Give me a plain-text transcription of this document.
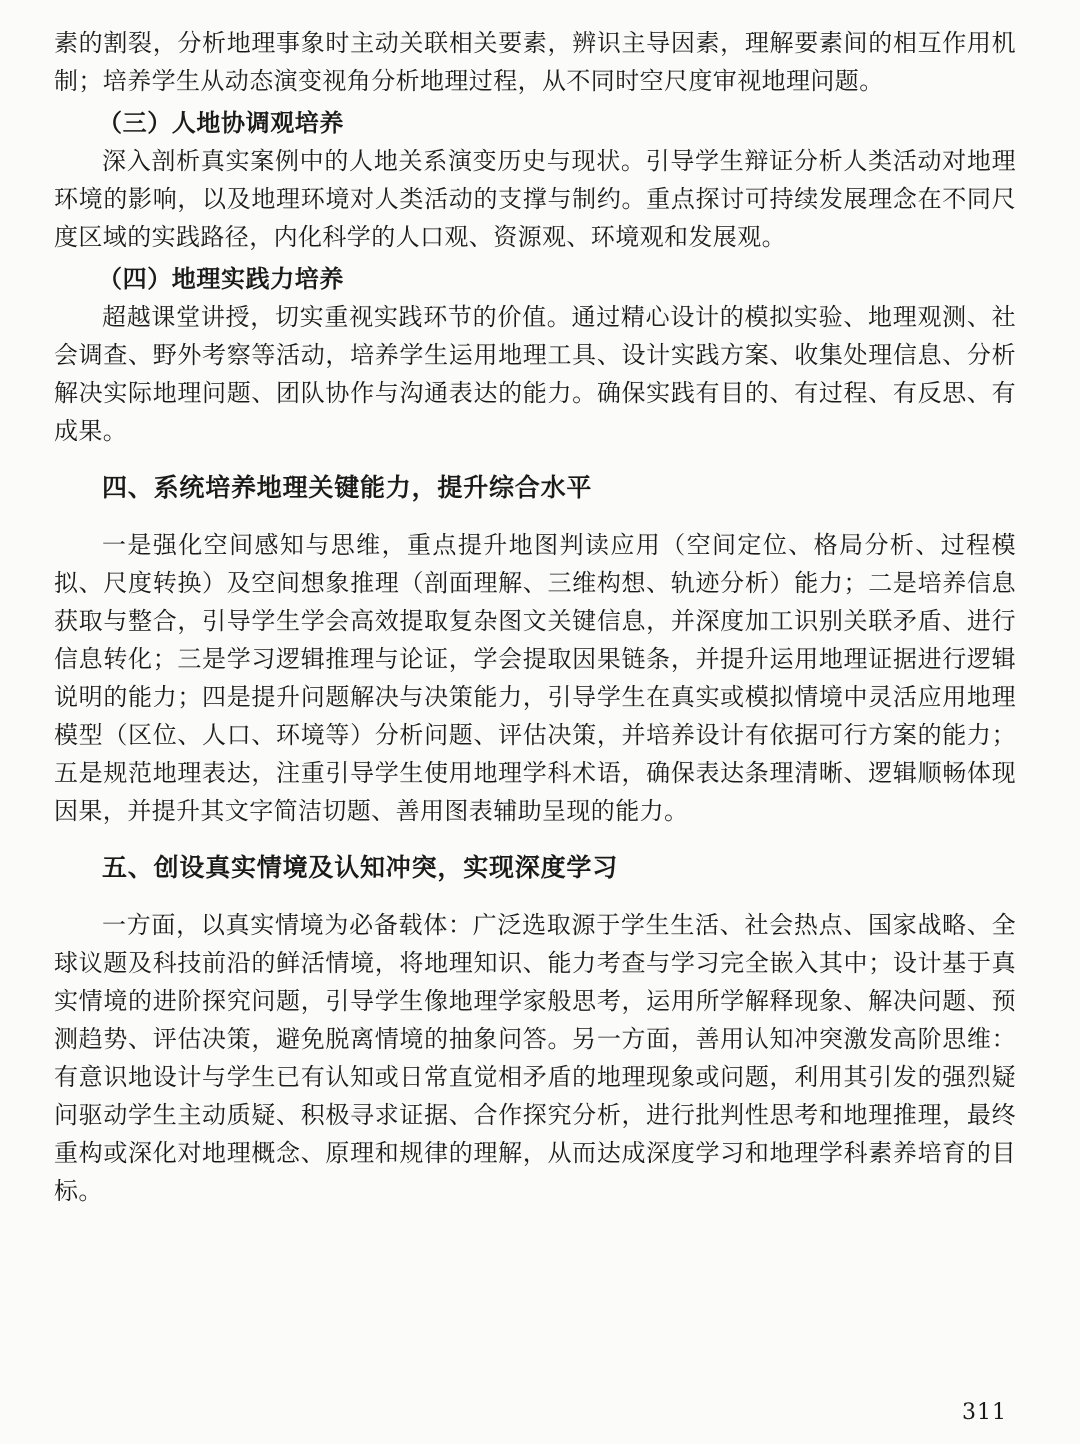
素的割裂，分析地理事象时主动关联相关要素，辨识主导因素，理解要素间的相互作用机制；培养学生从动态演变视角分析地理过程，从不同时空尺度审视地理问题。

（三）人地协调观培养

深入剖析真实案例中的人地关系演变历史与现状。引导学生辩证分析人类活动对地理环境的影响，以及地理环境对人类活动的支撑与制约。重点探讨可持续发展理念在不同尺度区域的实践路径，内化科学的人口观、资源观、环境观和发展观。

（四）地理实践力培养

超越课堂讲授，切实重视实践环节的价值。通过精心设计的模拟实验、地理观测、社会调查、野外考察等活动，培养学生运用地理工具、设计实践方案、收集处理信息、分析解决实际地理问题、团队协作与沟通表达的能力。确保实践有目的、有过程、有反思、有成果。

四、系统培养地理关键能力，提升综合水平

一是强化空间感知与思维，重点提升地图判读应用（空间定位、格局分析、过程模拟、尺度转换）及空间想象推理（剖面理解、三维构想、轨迹分析）能力；二是培养信息获取与整合，引导学生学会高效提取复杂图文关键信息，并深度加工识别关联矛盾、进行信息转化；三是学习逻辑推理与论证，学会提取因果链条，并提升运用地理证据进行逻辑说明的能力；四是提升问题解决与决策能力，引导学生在真实或模拟情境中灵活应用地理模型（区位、人口、环境等）分析问题、评估决策，并培养设计有依据可行方案的能力；五是规范地理表达，注重引导学生使用地理学科术语，确保表达条理清晰、逻辑顺畅体现因果，并提升其文字简洁切题、善用图表辅助呈现的能力。

五、创设真实情境及认知冲突，实现深度学习

一方面，以真实情境为必备载体：广泛选取源于学生生活、社会热点、国家战略、全球议题及科技前沿的鲜活情境，将地理知识、能力考查与学习完全嵌入其中；设计基于真实情境的进阶探究问题，引导学生像地理学家般思考，运用所学解释现象、解决问题、预测趋势、评估决策，避免脱离情境的抽象问答。另一方面，善用认知冲突激发高阶思维：有意识地设计与学生已有认知或日常直觉相矛盾的地理现象或问题，利用其引发的强烈疑问驱动学生主动质疑、积极寻求证据、合作探究分析，进行批判性思考和地理推理，最终重构或深化对地理概念、原理和规律的理解，从而达成深度学习和地理学科素养培育的目标。

311
